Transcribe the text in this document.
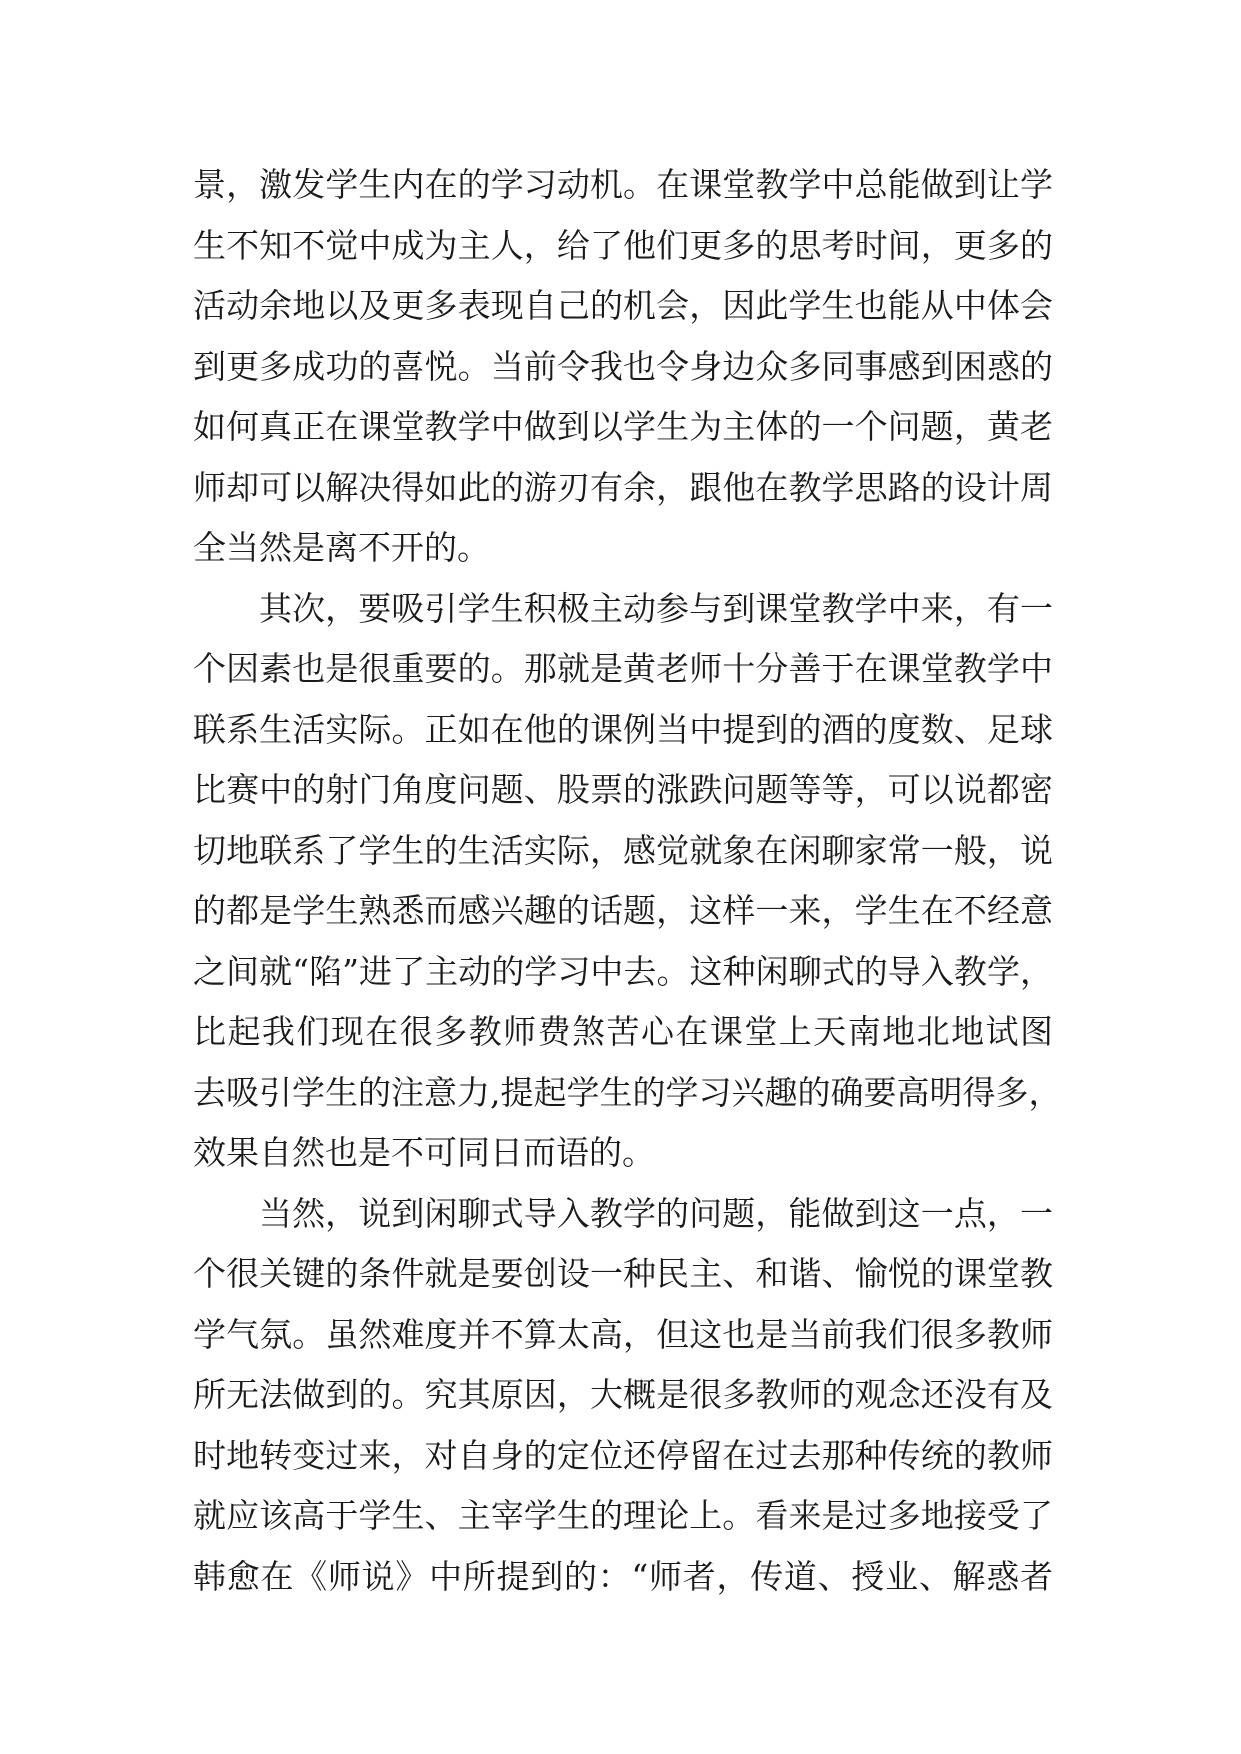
景，激发学生内在的学习动机。在课堂教学中总能做到让学
生不知不觉中成为主人，给了他们更多的思考时间，更多的
活动余地以及更多表现自己的机会，因此学生也能从中体会
到更多成功的喜悦。当前令我也令身边众多同事感到困惑的
如何真正在课堂教学中做到以学生为主体的一个问题，黄老
师却可以解决得如此的游刃有余，跟他在教学思路的设计周
全当然是离不开的。
其次，要吸引学生积极主动参与到课堂教学中来，有一
个因素也是很重要的。那就是黄老师十分善于在课堂教学中
联系生活实际。正如在他的课例当中提到的酒的度数、足球
比赛中的射门角度问题、股票的涨跌问题等等，可以说都密
切地联系了学生的生活实际，感觉就象在闲聊家常一般，说
的都是学生熟悉而感兴趣的话题，这样一来，学生在不经意
之间就“陷”进了主动的学习中去。这种闲聊式的导入教学，
比起我们现在很多教师费煞苦心在课堂上天南地北地试图
去吸引学生的注意力,提起学生的学习兴趣的确要高明得多，
效果自然也是不可同日而语的。
当然，说到闲聊式导入教学的问题，能做到这一点，一
个很关键的条件就是要创设一种民主、和谐、愉悦的课堂教
学气氛。虽然难度并不算太高，但这也是当前我们很多教师
所无法做到的。究其原因，大概是很多教师的观念还没有及
时地转变过来，对自身的定位还停留在过去那种传统的教师
就应该高于学生、主宰学生的理论上。看来是过多地接受了
韩愈在《师说》中所提到的：“师者，传道、授业、解惑者
